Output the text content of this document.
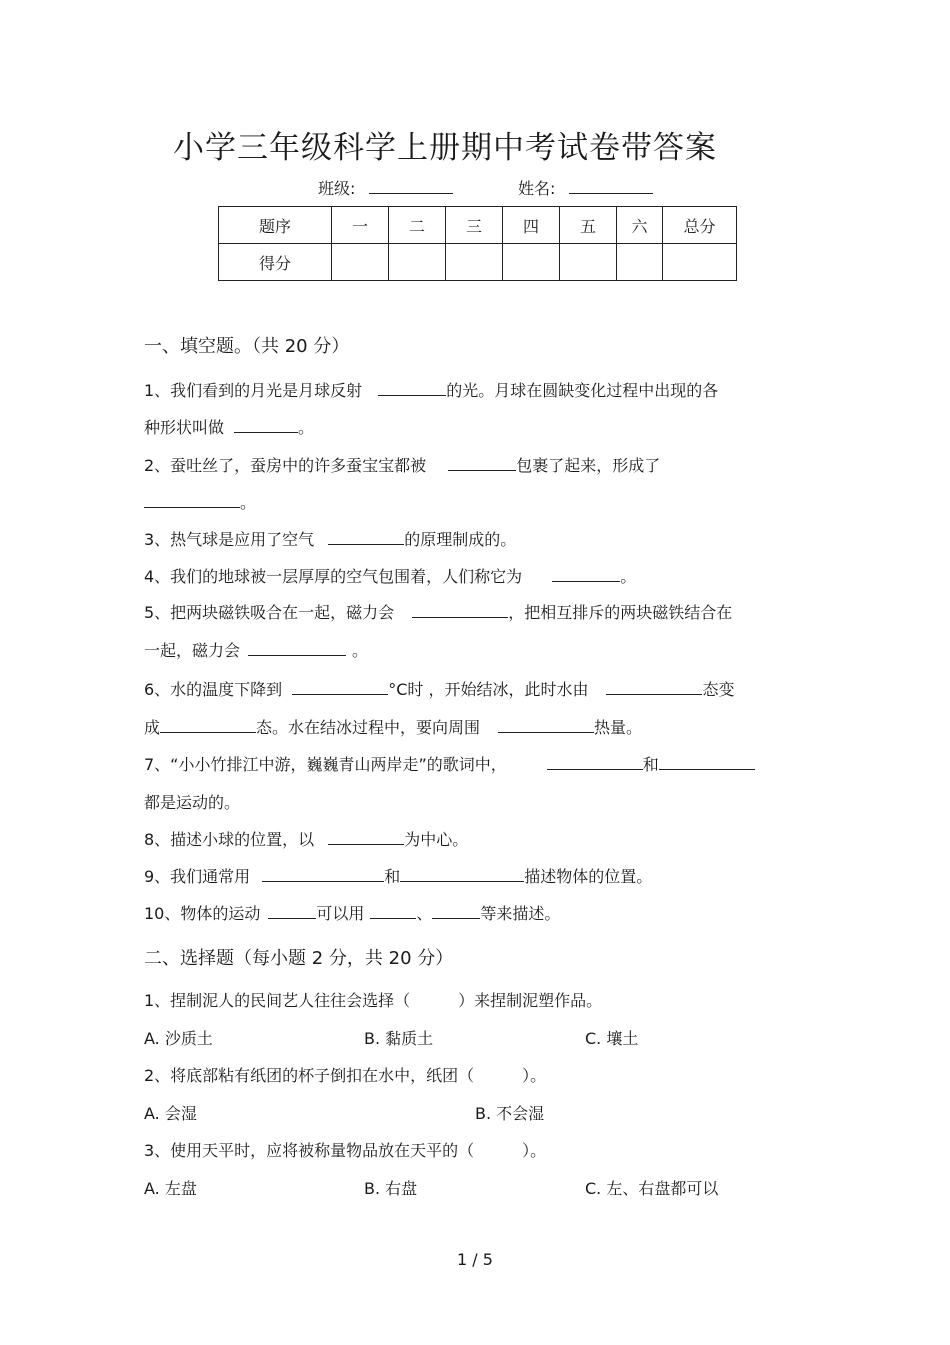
小学三年级科学上册期中考试卷带答案
班级:	姓名:
题序	一	二	三	四	五	六	总分
得分							
一、填空题。（共 20 分）
1、我们看到的月光是月球反射	的光。月球在圆缺变化过程中出现的各
种形状叫做	。
2、蚕吐丝了，蚕房中的许多蚕宝宝都被	包裹了起来，形成了
。
3、热气球是应用了空气	的原理制成的。
4、我们的地球被一层厚厚的空气包围着，人们称它为	。
5、把两块磁铁吸合在一起，磁力会	，把相互排斥的两块磁铁结合在
一起，磁力会	。
6、水的温度下降到	°C时 ，开始结冰，此时水由	态变
成	态。水在结冰过程中，要向周围	热量。
7、“小小竹排江中游，巍巍青山两岸走”的歌词中，	和
都是运动的。
8、描述小球的位置，以	为中心。
9、我们通常用	和	描述物体的位置。
10、物体的运动	可以用	、	等来描述。
二、选择题（每小题 2 分，共 20 分）
1、捏制泥人的民间艺人往往会选择（　　　）来捏制泥塑作品。
A. 沙质土	B. 黏质土	C. 壤土
2、将底部粘有纸团的杯子倒扣在水中，纸团（　　　）。
A. 会湿	B. 不会湿
3、使用天平时，应将被称量物品放在天平的（　　　）。
A. 左盘	B. 右盘	C. 左、右盘都可以
1 / 5
